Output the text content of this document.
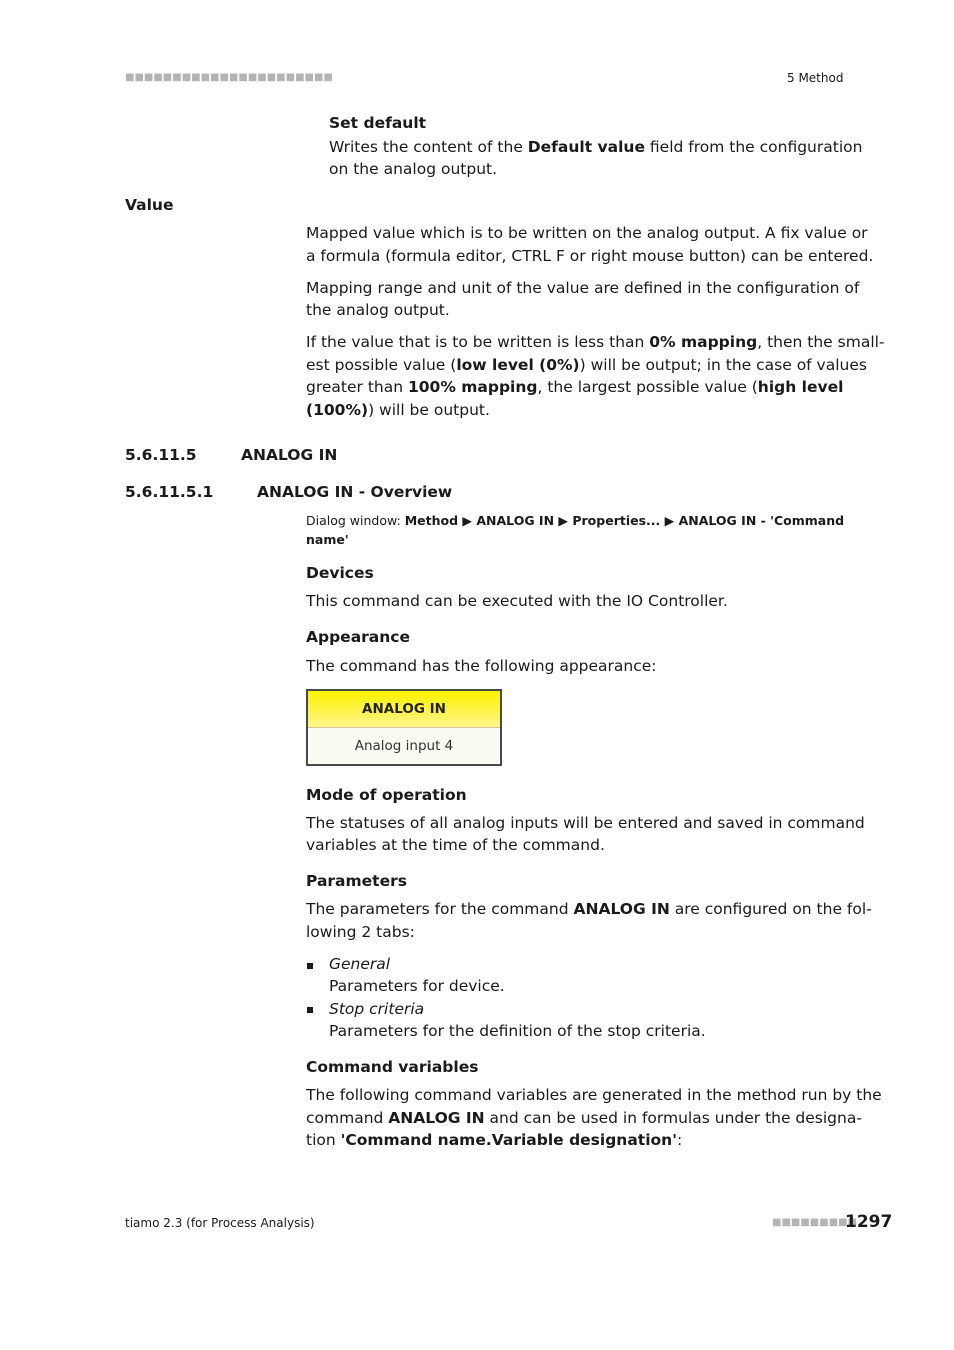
■■■■■■■■■■■■■■■■■■■■■■	5 Method
Set default

Writes the content of the Default value field from the configuration

on the analog output.

Value

Mapped value which is to be written on the analog output. A fix value or

a formula (formula editor, CTRL F or right mouse button) can be entered.

Mapping range and unit of the value are defined in the configuration of

the analog output.

If the value that is to be written is less than 0% mapping, then the small-

est possible value (low level (0%)) will be output; in the case of values

greater than 100% mapping, the largest possible value (high level

(100%)) will be output.

5.6.11.5	ANALOG IN
5.6.11.5.1	ANALOG IN - Overview

Dialog window: Method ▶ ANALOG IN ▶ Properties... ▶ ANALOG IN - 'Command

name'

Devices

This command can be executed with the IO Controller.

Appearance

The command has the following appearance:

ANALOG IN
Analog input 4
Mode of operation

The statuses of all analog inputs will be entered and saved in command

variables at the time of the command.

Parameters

The parameters for the command ANALOG IN are configured on the fol-

lowing 2 tabs:

General

Parameters for device.

Stop criteria

Parameters for the definition of the stop criteria.

Command variables

The following command variables are generated in the method run by the

command ANALOG IN and can be used in formulas under the designa-

tion 'Command name.Variable designation':

tiamo 2.3 (for Process Analysis)	■■■■■■■■■
1297
